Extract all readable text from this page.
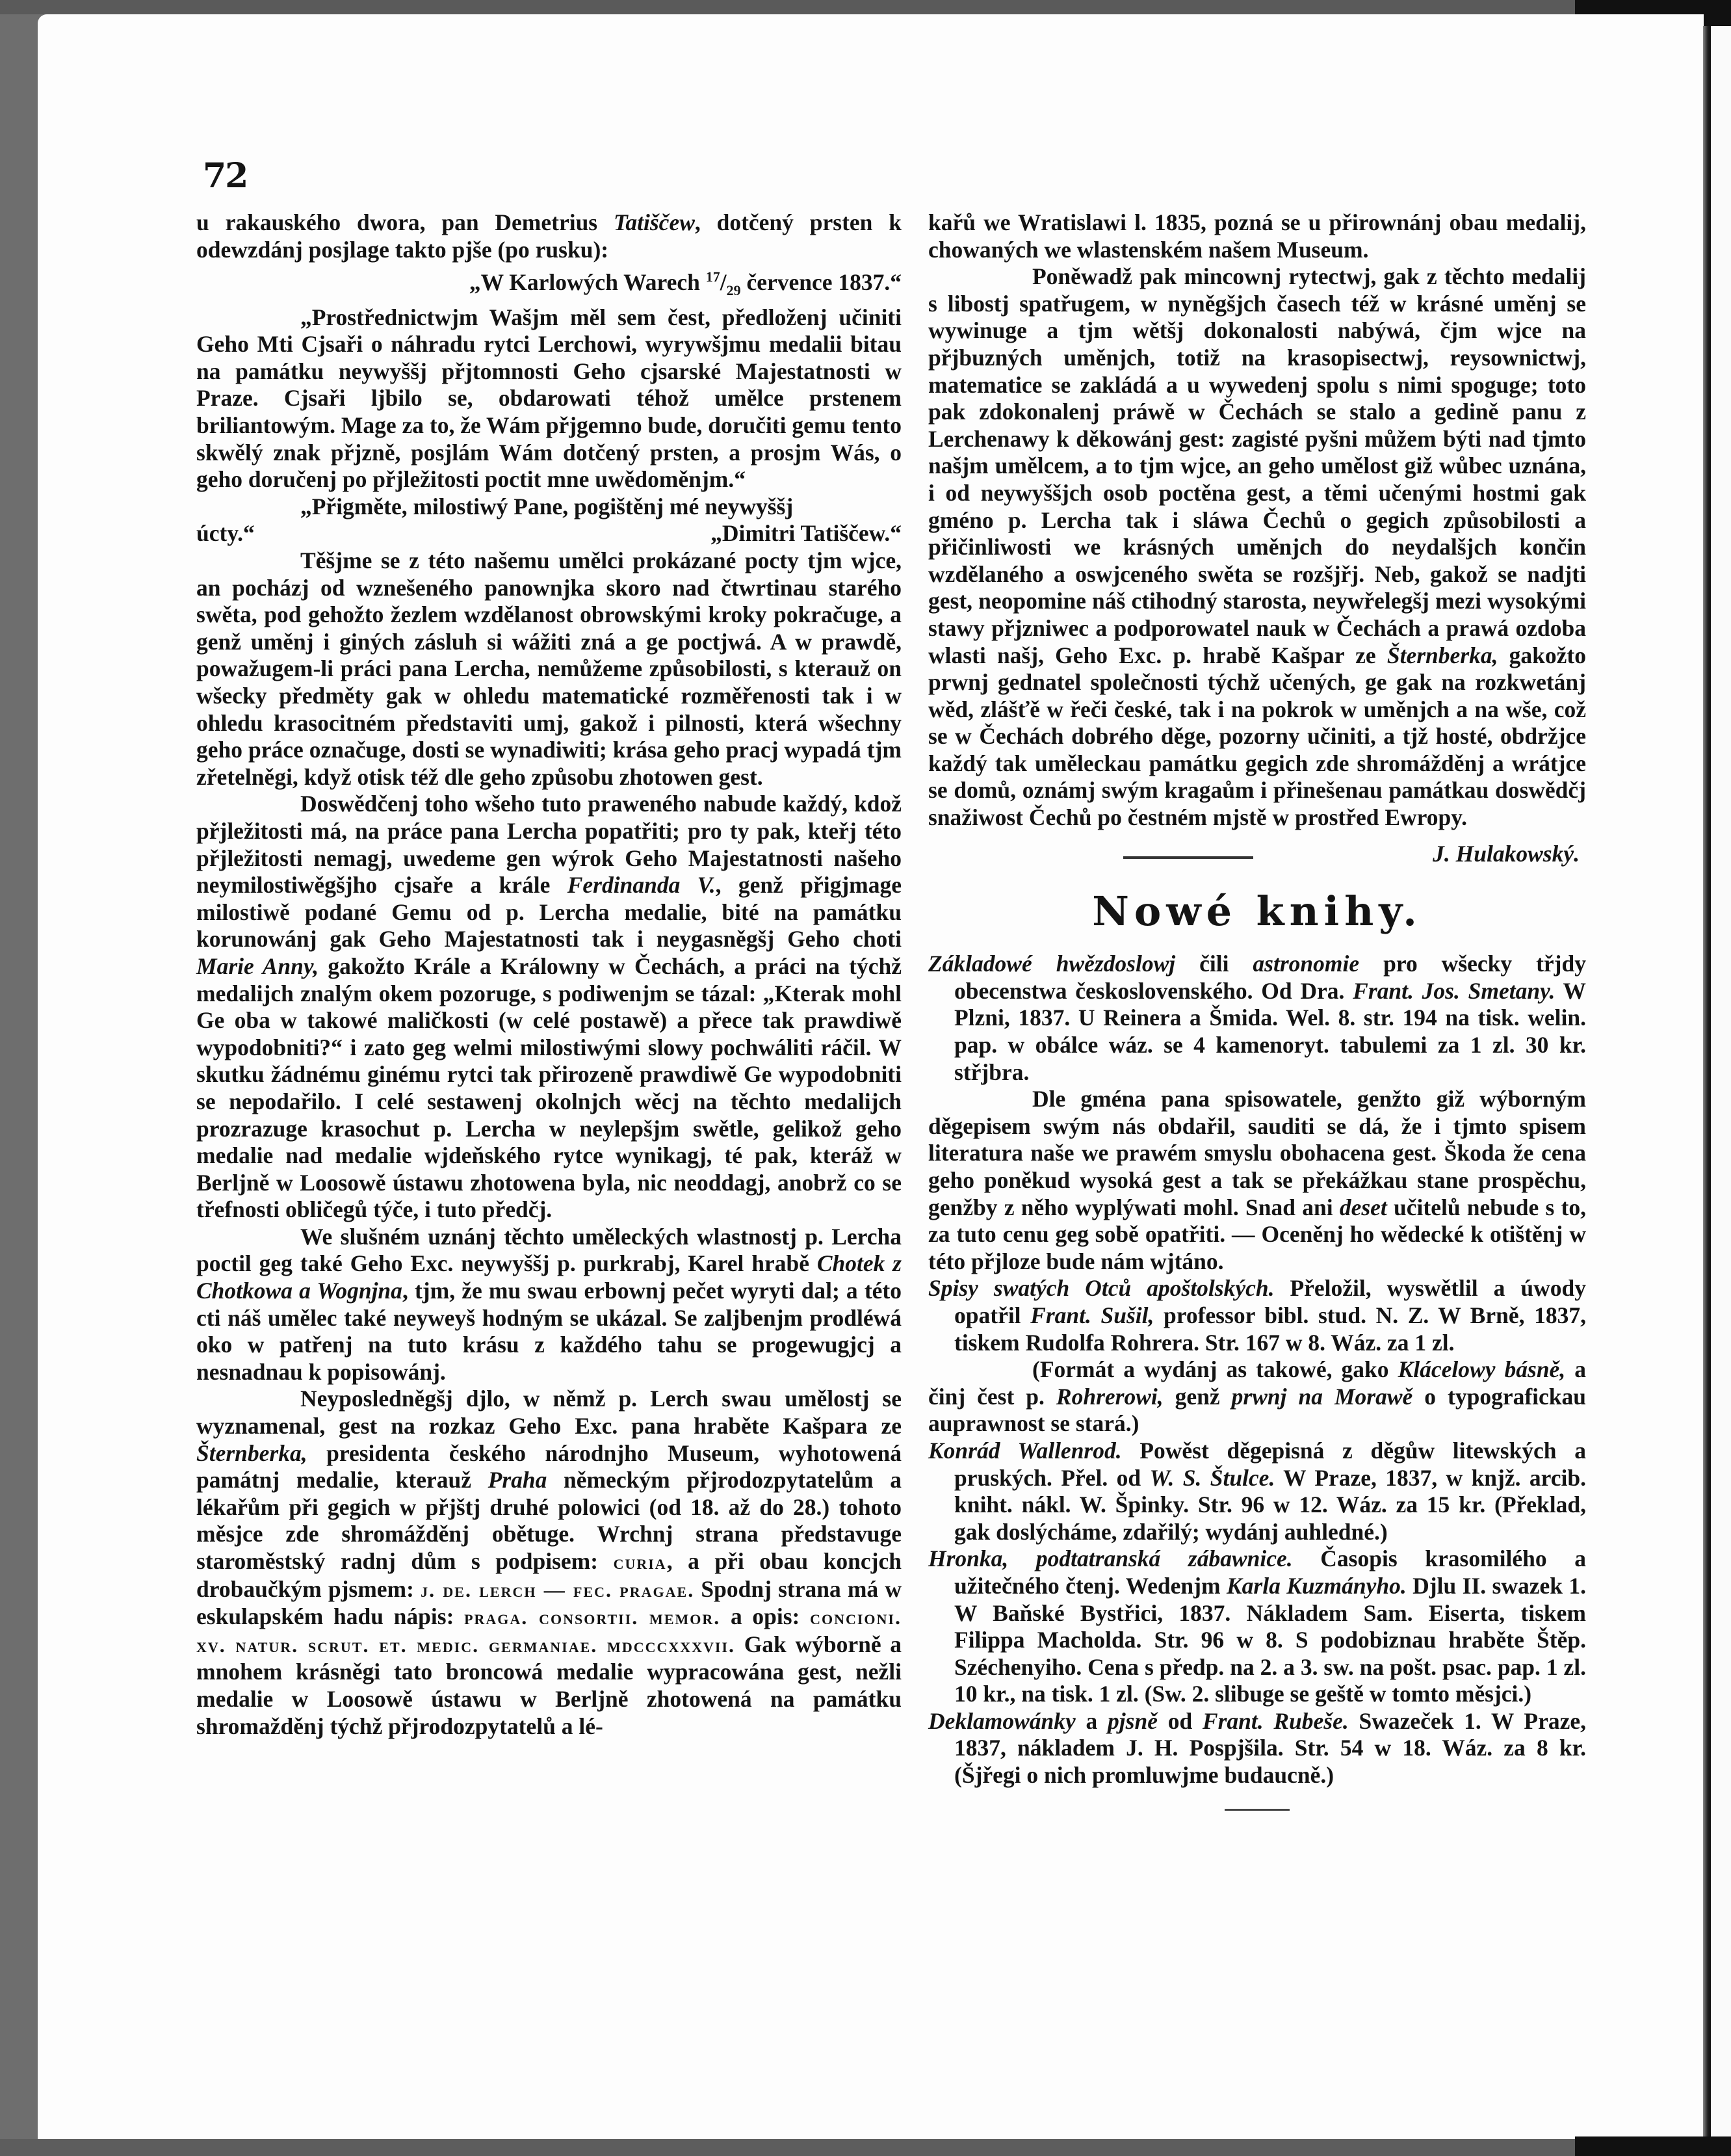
72

u rakauského dwora, pan Demetrius Tatiščew, dotčený prsten k odewzdánj posjlage takto pjše (po rusku):

„W Karlowých Warech $^{17}/_{29}$ července 1837.“

„Prostřednictwjm Wašjm měl sem čest, předloženj učiniti Geho Mti Cjsaři o náhradu rytci Lerchowi, wyrywšjmu medalii bitau na památku neywyššj přjtomnosti Geho cjsarské Majestatnosti w Praze. Cjsaři ljbilo se, obdarowati téhož umělce prstenem briliantowým. Mage za to, že Wám přjgemno bude, doručiti gemu tento skwělý znak přjzně, posjlám Wám dotčený prsten, a prosjm Wás, o geho doručenj po přjležitosti poctit mne uwědoměnjm.“

„Přigměte, milostiwý Pane, pogištěnj mé neywyššj

úcty.“	„Dimitri Tatiščew.“

Těšjme se z této našemu umělci prokázané pocty tjm wjce, an pocházj od wznešeného panownjka skoro nad čtwrtinau starého swěta, pod gehožto žezlem wzdělanost obrowskými kroky pokračuge, a genž uměnj i giných zásluh si wážiti zná a ge poctjwá. A w prawdě, powažugem-li práci pana Lercha, nemůžeme způsobilosti, s kterauž on wšecky předměty gak w ohledu matematické rozměřenosti tak i w ohledu krasocitném představiti umj, gakož i pilnosti, která wšechny geho práce označuge, dosti se wynadiwiti; krása geho pracj wypadá tjm zřetelněgi, když otisk též dle geho způsobu zhotowen gest.

Doswědčenj toho wšeho tuto praweného nabude každý, kdož přjležitosti má, na práce pana Lercha popatřiti; pro ty pak, kteřj této přjležitosti nemagj, uwedeme gen wýrok Geho Majestatnosti našeho neymilostiwěgšjho cjsaře a krále Ferdinanda V., genž přigjmage milostiwě podané Gemu od p. Lercha medalie, bité na památku korunowánj gak Geho Majestatnosti tak i neygasněgšj Geho choti Marie Anny, gakožto Krále a Králowny w Čechách, a práci na týchž medalijch znalým okem pozoruge, s podiwenjm se tázal: „Kterak mohl Ge oba w takowé maličkosti (w celé postawě) a přece tak prawdiwě wypodobniti?“ i zato geg welmi milostiwými slowy pochwáliti ráčil. W skutku žádnému ginému rytci tak přirozeně prawdiwě Ge wypodobniti se nepodařilo. I celé sestawenj okolnjch wěcj na těchto medalijch prozrazuge krasochut p. Lercha w neylepšjm swětle, gelikož geho medalie nad medalie wjdeňského rytce wynikagj, té pak, kteráž w Berljně w Loosowě ústawu zhotowena byla, nic neoddagj, anobrž co se třefnosti obličegů týče, i tuto předčj.

We slušném uznánj těchto uměleckých wlastnostj p. Lercha poctil geg také Geho Exc. neywyššj p. purkrabj, Karel hrabě Chotek z Chotkowa a Wognjna, tjm, že mu swau erbownj pečet wyryti dal; a této cti náš umělec také neyweyš hodným se ukázal. Se zaljbenjm prodléwá oko w patřenj na tuto krásu z každého tahu se progewugjcj a nesnadnau k popisowánj.

Neyposledněgšj djlo, w němž p. Lerch swau umělostj se wyznamenal, gest na rozkaz Geho Exc. pana hraběte Kašpara ze Šternberka, presidenta českého národnjho Museum, wyhotowená památnj medalie, kterauž Praha německým přjrodozpytatelům a lékařům při gegich w přjštj druhé polowici (od 18. až do 28.) tohoto měsjce zde shromážděnj obětuge. Wrchnj strana představuge staroměstský radnj dům s podpisem: curia, a při obau koncjch drobaučkým pjsmem: j. de. lerch — fec. pragae. Spodnj strana má w eskulapském hadu nápis: praga. consortii. memor. a opis: concioni. xv. natur. scrut. et. medic. germaniae. mdcccxxxvii. Gak wýborně a mnohem krásněgi tato broncowá medalie wypracowána gest, nežli medalie w Loosowě ústawu w Berljně zhotowená na památku shromažděnj týchž přjrodozpytatelů a lé-

kařů we Wratislawi l. 1835, pozná se u přirownánj obau medalij, chowaných we wlastenském našem Museum.

Poněwadž pak mincownj rytectwj, gak z těchto medalij s libostj spatřugem, w nyněgšjch časech též w krásné uměnj se wywinuge a tjm wětšj dokonalosti nabýwá, čjm wjce na přjbuzných uměnjch, totiž na krasopisectwj, reysownictwj, matematice se zakládá a u wywedenj spolu s nimi spoguge; toto pak zdokonalenj práwě w Čechách se stalo a gedině panu z Lerchenawy k děkowánj gest: zagisté pyšni můžem býti nad tjmto našjm umělcem, a to tjm wjce, an geho umělost giž wůbec uznána, i od neywyššjch osob poctěna gest, a těmi učenými hostmi gak gméno p. Lercha tak i sláwa Čechů o gegich způsobilosti a přičinliwosti we krásných uměnjch do neydalšjch končin wzdělaného a oswjceného swěta se rozšjřj. Neb, gakož se nadjti gest, neopomine náš ctihodný starosta, neywřelegšj mezi wysokými stawy přjzniwec a podporowatel nauk w Čechách a prawá ozdoba wlasti našj, Geho Exc. p. hrabě Kašpar ze Šternberka, gakožto prwnj gednatel společnosti týchž učených, ge gak na rozkwetánj wěd, zlášťě w řeči české, tak i na pokrok w uměnjch a na wše, což se w Čechách dobrého děge, pozorny učiniti, a tjž hosté, obdržjce každý tak uměleckau památku gegich zde shromážděnj a wrátjce se domů, oznámj swým kragaům i přinešenau památkau doswědčj snažiwost Čechů po čestném mjstě w prostřed Ewropy.

J. Hulakowský.
Nowé knihy.

Základowé hwězdoslowj čili astronomie pro wšecky třjdy obecenstwa československého. Od Dra. Frant. Jos. Smetany. W Plzni, 1837. U Reinera a Šmida. Wel. 8. str. 194 na tisk. welin. pap. w obálce wáz. se 4 kamenoryt. tabulemi za 1 zl. 30 kr. střjbra.

Dle gména pana spisowatele, genžto giž wýborným děgepisem swým nás obdařil, sauditi se dá, že i tjmto spisem literatura naše we prawém smyslu obohacena gest. Škoda že cena geho poněkud wysoká gest a tak se překážkau stane prospěchu, genžby z něho wyplýwati mohl. Snad ani deset učitelů nebude s to, za tuto cenu geg sobě opatřiti. — Oceněnj ho wědecké k otištěnj w této přjloze bude nám wjtáno.

Spisy swatých Otců apoštolských. Přeložil, wyswětlil a úwody opatřil Frant. Sušil, professor bibl. stud. N. Z. W Brně, 1837, tiskem Rudolfa Rohrera. Str. 167 w 8. Wáz. za 1 zl.

(Formát a wydánj as takowé, gako Klácelowy básně, a činj čest p. Rohrerowi, genž prwnj na Morawě o typografickau auprawnost se stará.)

Konrád Wallenrod. Powěst děgepisná z děgůw litewských a pruských. Přel. od W. S. Štulce. W Praze, 1837, w knjž. arcib. kniht. nákl. W. Špinky. Str. 96 w 12. Wáz. za 15 kr. (Překlad, gak doslýcháme, zdařilý; wydánj auhledné.)

Hronka, podtatranská zábawnice. Časopis krasomilého a užitečného čtenj. Wedenjm Karla Kuzmányho. Djlu II. swazek 1. W Baňské Bystřici, 1837. Nákladem Sam. Eiserta, tiskem Filippa Macholda. Str. 96 w 8. S podobiznau hraběte Štěp. Széchenyiho. Cena s předp. na 2. a 3. sw. na pošt. psac. pap. 1 zl. 10 kr., na tisk. 1 zl. (Sw. 2. slibuge se geště w tomto měsjci.)

Deklamowánky a pjsně od Frant. Rubeše. Swazeček 1. W Praze, 1837, nákladem J. H. Pospjšila. Str. 54 w 18. Wáz. za 8 kr. (Šjřegi o nich promluwjme budaucně.)
